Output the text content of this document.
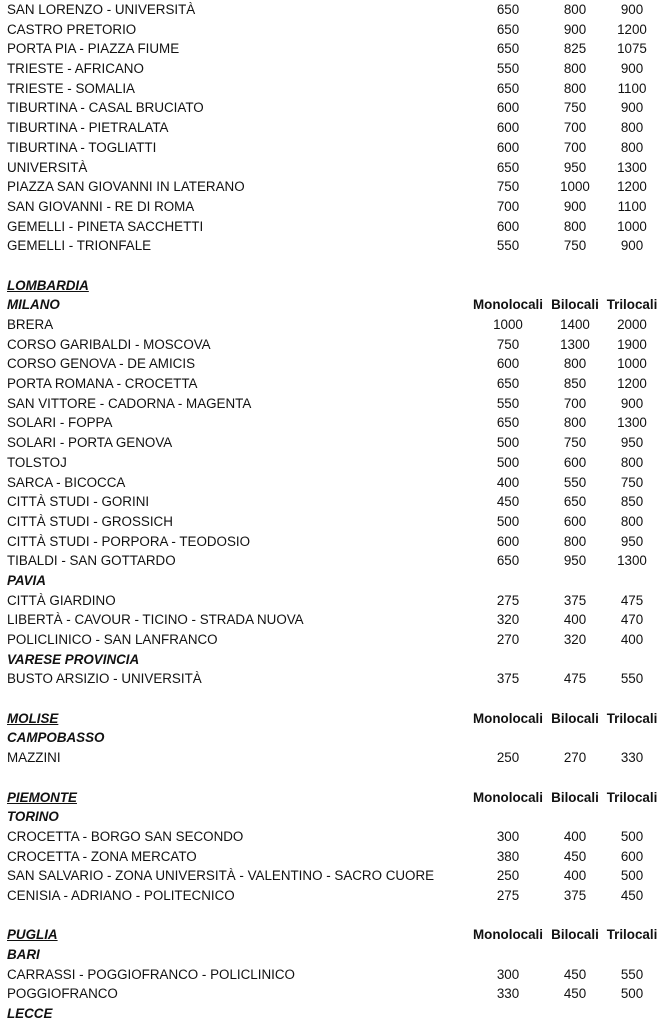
SAN LORENZO - UNIVERSITÀ	650	800	900
CASTRO PRETORIO	650	900	1200
PORTA PIA - PIAZZA FIUME	650	825	1075
TRIESTE - AFRICANO	550	800	900
TRIESTE - SOMALIA	650	800	1100
TIBURTINA - CASAL BRUCIATO	600	750	900
TIBURTINA - PIETRALATA	600	700	800
TIBURTINA - TOGLIATTI	600	700	800
UNIVERSITÀ	650	950	1300
PIAZZA SAN GIOVANNI IN LATERANO	750	1000	1200
SAN GIOVANNI - RE DI ROMA	700	900	1100
GEMELLI - PINETA SACCHETTI	600	800	1000
GEMELLI - TRIONFALE	550	750	900
LOMBARDIA
MILANO	Monolocali Bilocali Trilocali
BRERA	1000	1400	2000
CORSO GARIBALDI - MOSCOVA	750	1300	1900
CORSO GENOVA - DE AMICIS	600	800	1000
PORTA ROMANA - CROCETTA	650	850	1200
SAN VITTORE - CADORNA - MAGENTA	550	700	900
SOLARI - FOPPA	650	800	1300
SOLARI - PORTA GENOVA	500	750	950
TOLSTOJ	500	600	800
SARCA - BICOCCA	400	550	750
CITTÀ STUDI - GORINI	450	650	850
CITTÀ STUDI - GROSSICH	500	600	800
CITTÀ STUDI - PORPORA - TEODOSIO	600	800	950
TIBALDI - SAN GOTTARDO	650	950	1300
PAVIA
CITTÀ GIARDINO	275	375	475
LIBERTÀ - CAVOUR - TICINO - STRADA NUOVA	320	400	470
POLICLINICO - SAN LANFRANCO	270	320	400
VARESE PROVINCIA
BUSTO ARSIZIO - UNIVERSITÀ	375	475	550
MOLISE	Monolocali Bilocali Trilocali
CAMPOBASSO
MAZZINI	250	270	330
PIEMONTE	Monolocali Bilocali Trilocali
TORINO
CROCETTA - BORGO SAN SECONDO	300	400	500
CROCETTA - ZONA MERCATO	380	450	600
SAN SALVARIO - ZONA UNIVERSITÀ - VALENTINO - SACRO CUORE	250	400	500
CENISIA - ADRIANO - POLITECNICO	275	375	450
PUGLIA	Monolocali Bilocali Trilocali
BARI
CARRASSI - POGGIOFRANCO - POLICLINICO	300	450	550
POGGIOFRANCO	330	450	500
LECCE
